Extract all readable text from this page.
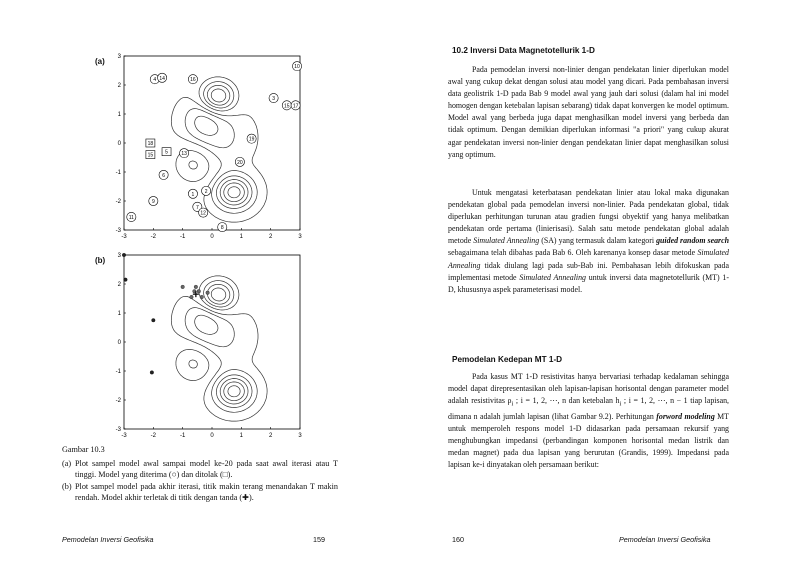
(a)
-3
-3
-2
-2
-1
-1
0
0
1
1
2
2
3
3
4 14	16
10
3
15 17
19
13
20
6
1 2
9
7
12
11
8
18
5
15
(b)
-3
-3
-2
-2
-1
-1
0
0
1
1
2
2
3
3

Gambar 10.3

(a) Plot sampel model awal sampai model ke-20 pada saat awal iterasi atau T tinggi. Model yang diterima (○) dan ditolak (□).

(b) Plot sampel model pada akhir iterasi, titik makin terang menandakan T makin rendah. Model akhir terletak di titik dengan tanda (✚).

Pemodelan Inversi Geofisika	159
10.2 Inversi Data Magnetotellurik 1-D

Pada pemodelan inversi non-linier dengan pendekatan linier diperlukan model awal yang cukup dekat dengan solusi atau model yang dicari. Pada pembahasan inversi data geolistrik 1-D pada Bab 9 model awal yang jauh dari solusi (dalam hal ini model homogen dengan ketebalan lapisan sebarang) tidak dapat konvergen ke model optimum. Model awal yang berbeda juga dapat menghasilkan model inversi yang berbeda dan tidak optimum. Dengan demikian diperlukan informasi "a priori" yang cukup akurat agar pendekatan inversi non-linier dengan pendekatan linier dapat menghasilkan solusi yang optimum.

Untuk mengatasi keterbatasan pendekatan linier atau lokal maka digunakan pendekatan global pada pemodelan inversi non-linier. Pada pendekatan global, tidak diperlukan perhitungan turunan atau gradien fungsi obyektif yang hanya melibatkan pendekatan orde pertama (linierisasi). Salah satu metode pendekatan global adalah metode Simulated Annealing (SA) yang termasuk dalam kategori guided random search sebagaimana telah dibahas pada Bab 6. Oleh karenanya konsep dasar metode Simulated Annealing tidak diulang lagi pada sub-Bab ini. Pembahasan lebih difokuskan pada implementasi metode Simulated Annealing untuk inversi data magnetotellurik (MT) 1-D, khususnya aspek parameterisasi model.

Pemodelan Kedepan MT 1-D

Pada kasus MT 1-D resistivitas hanya bervariasi terhadap kedalaman sehingga model dapat direpresentasikan oleh lapisan-lapisan horisontal dengan parameter model adalah resistivitas $\rho_i$ ; i = 1, 2, ⋯, n dan ketebalan $h_i$ ; i = 1, 2, ⋯, n − 1 tiap lapisan, dimana n adalah jumlah lapisan (lihat Gambar 9.2). Perhitungan forword modeling MT untuk memperoleh respons model 1-D didasarkan pada persamaan rekursif yang menghubungkan impedansi (perbandingan komponen horisontal medan listrik dan medan magnet) pada dua lapisan yang berurutan (Grandis, 1999). Impedansi pada lapisan ke-i dinyatakan oleh persamaan berikut:

160	Pemodelan Inversi Geofisika
